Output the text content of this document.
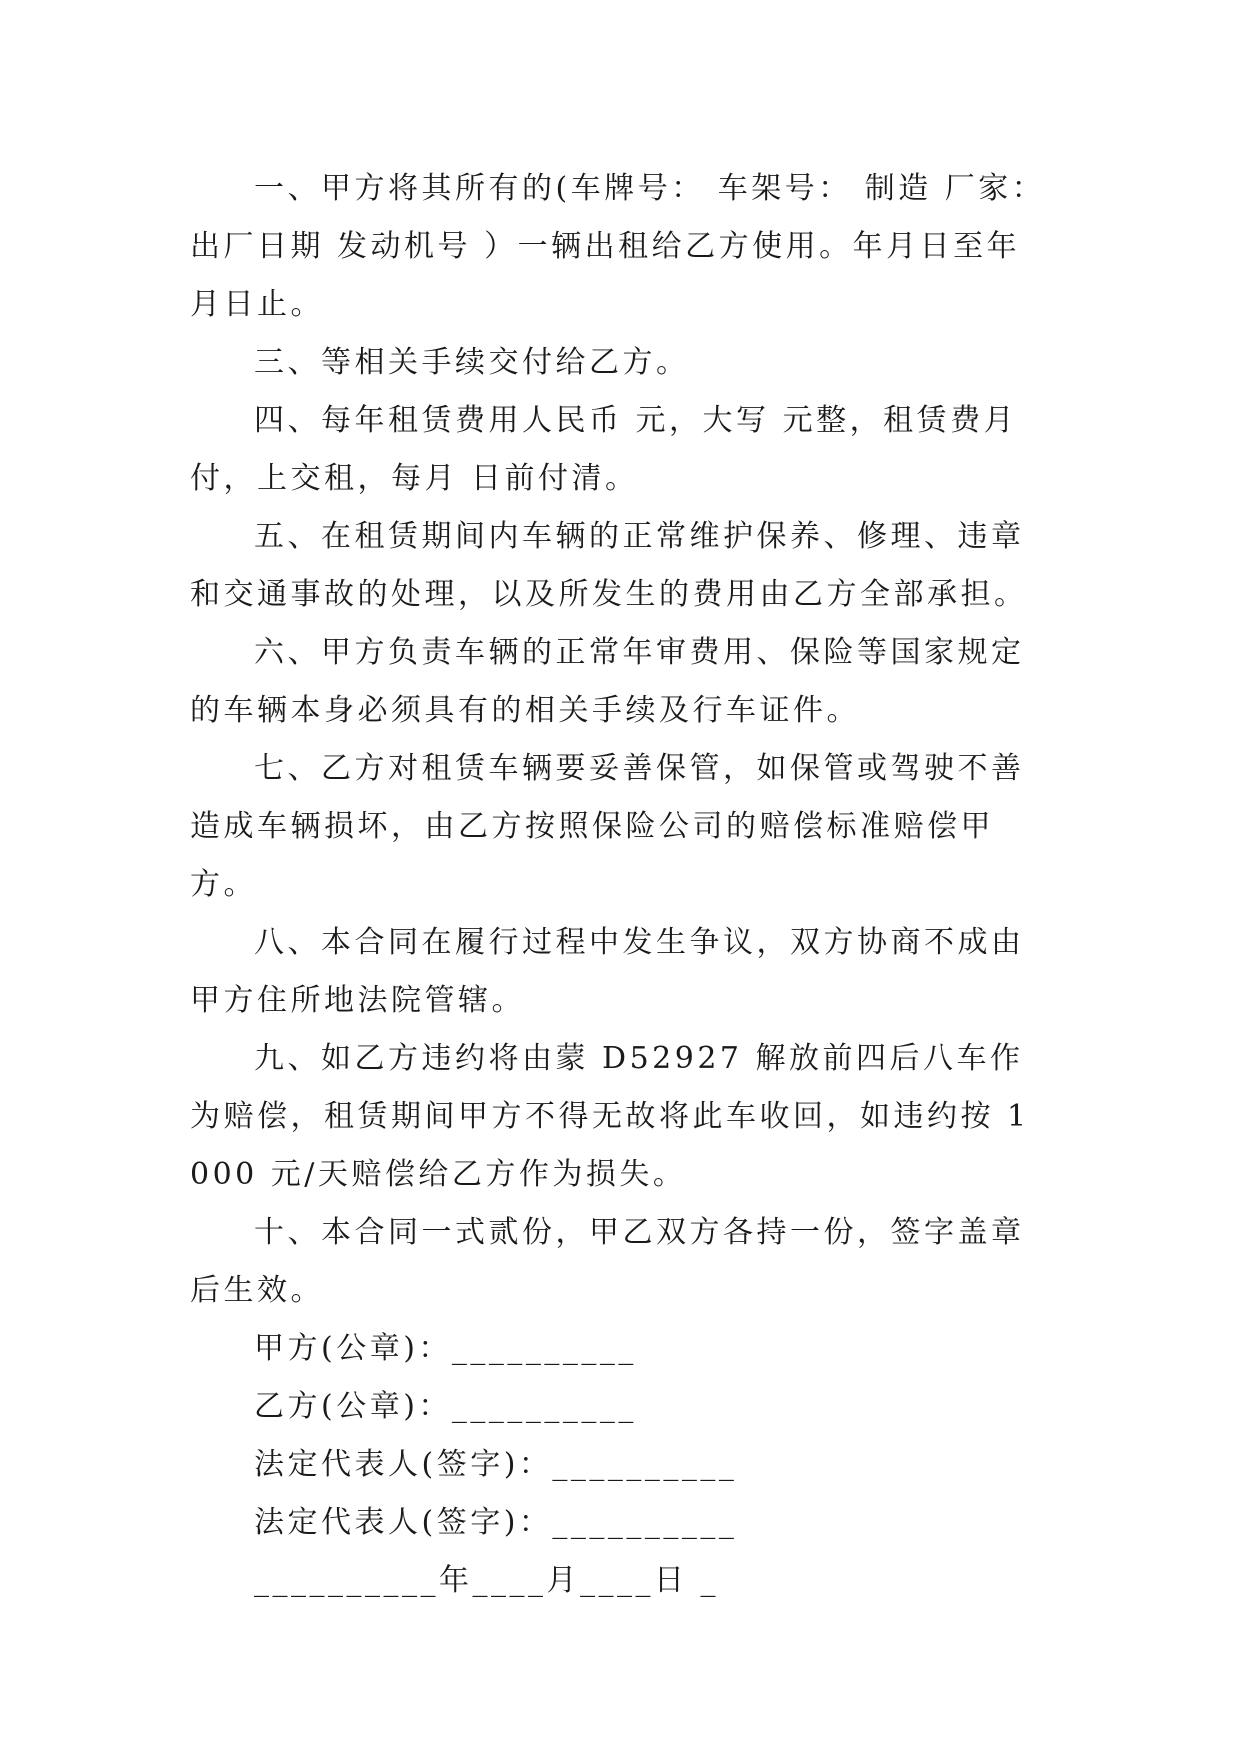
一、甲方将其所有的(车牌号： 车架号： 制造 厂家：出厂日期 发动机号 ）一辆出租给乙方使用。年月日至年月日止。

三、等相关手续交付给乙方。

四、每年租赁费用人民币 元，大写 元整，租赁费月付，上交租，每月 日前付清。

五、在租赁期间内车辆的正常维护保养、修理、违章和交通事故的处理，以及所发生的费用由乙方全部承担。

六、甲方负责车辆的正常年审费用、保险等国家规定的车辆本身必须具有的相关手续及行车证件。

七、乙方对租赁车辆要妥善保管，如保管或驾驶不善造成车辆损坏，由乙方按照保险公司的赔偿标准赔偿甲方。

八、本合同在履行过程中发生争议，双方协商不成由甲方住所地法院管辖。

九、如乙方违约将由蒙 D52927 解放前四后八车作为赔偿，租赁期间甲方不得无故将此车收回，如违约按 1000 元/天赔偿给乙方作为损失。

十、本合同一式贰份，甲乙双方各持一份，签字盖章后生效。

甲方(公章)：__________

乙方(公章)：__________

法定代表人(签字)：__________

法定代表人(签字)：__________

__________年____月____日 _
